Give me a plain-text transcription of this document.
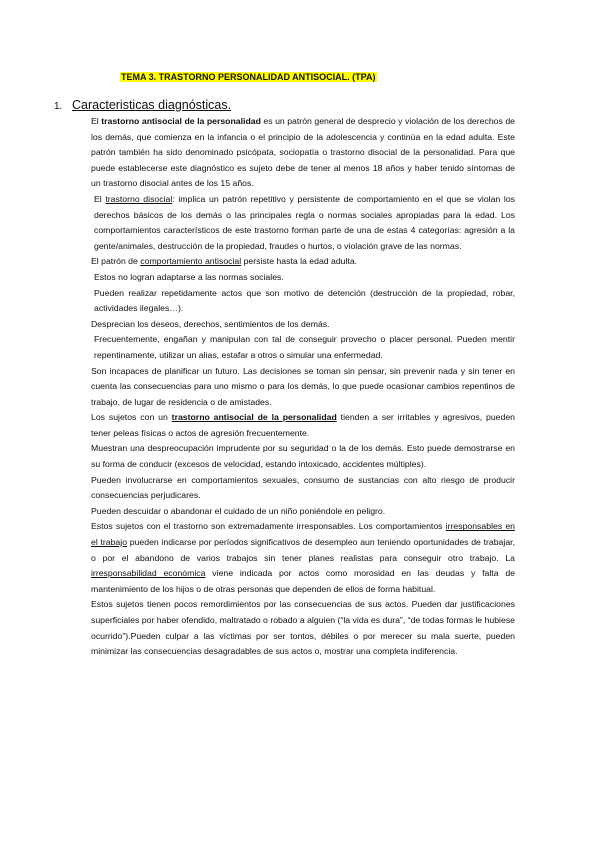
TEMA 3. TRASTORNO PERSONALIDAD ANTISOCIAL. (TPA)
1. Caracteristicas diagnósticas.

El trastorno antisocial de la personalidad es un patrón general de desprecio y violación de los derechos de los demás, que comienza en la infancia o el principio de la adolescencia y continúa en la edad adulta. Este patrón también ha sido denominado psicópata, sociopatía o trastorno disocial de la personalidad. Para que puede establecerse este diagnóstico es sujeto debe de tener al menos 18 años y haber tenido síntomas de un trastorno disocial antes de los 15 años.

El trastorno disocial: implica un patrón repetitivo y persistente de comportamiento en el que se violan los derechos básicos de los demás o las principales regla o normas sociales apropiadas para la edad. Los comportamientos característicos de este trastorno forman parte de una de estas 4 categorías: agresión a la gente/animales, destrucción de la propiedad, fraudes o hurtos, o violación grave de las normas.

El patrón de comportamiento antisocial persiste hasta la edad adulta.

Estos no logran adaptarse a las normas sociales.

Pueden realizar repetidamente actos que son motivo de detención (destrucción de la propiedad, robar, actividades ilegales…).

Desprecian los deseos, derechos, sentimientos de los demás.

Frecuentemente, engañan y manipulan con tal de conseguir provecho o placer personal. Pueden mentir repentinamente, utilizar un alias, estafar a otros o simular una enfermedad.

Son incapaces de planificar un futuro. Las decisiones se toman sin pensar, sin prevenir nada y sin tener en cuenta las consecuencias para uno mismo o para los demás, lo que puede ocasionar cambios repentinos de trabajo, de lugar de residencia o de amistades.

Los sujetos con un trastorno antisocial de la personalidad tienden a ser irritables y agresivos, pueden tener peleas físicas o actos de agresión frecuentemente.

Muestran una despreocupación imprudente por su seguridad o la de los demás. Esto puede demostrarse en su forma de conducir (excesos de velocidad, estando intoxicado, accidentes múltiples).

Pueden involucrarse en comportamientos sexuales, consumo de sustancias con alto riesgo de producir consecuencias perjudicares.

Pueden descuidar o abandonar el cuidado de un niño poniéndole en peligro.

Estos sujetos con el trastorno son extremadamente irresponsables. Los comportamientos irresponsables en el trabajo pueden indicarse por períodos significativos de desempleo aun teniendo oportunidades de trabajar, o por el abandono de varios trabajos sin tener planes realistas para conseguir otro trabajo. La irresponsabilidad económica viene indicada por actos como morosidad en las deudas y falta de mantenimiento de los hijos o de otras personas que dependen de ellos de forma habitual.

Estos sujetos tienen pocos remordimientos por las consecuencias de sus actos. Pueden dar justificaciones superficiales por haber ofendido, maltratado o robado a alguien (“la vida es dura”, “de todas formas le hubiese ocurrido”).Pueden culpar a las víctimas por ser tontos, débiles o por merecer su mala suerte, pueden minimizar las consecuencias desagradables de sus actos o, mostrar una completa indiferencia.
